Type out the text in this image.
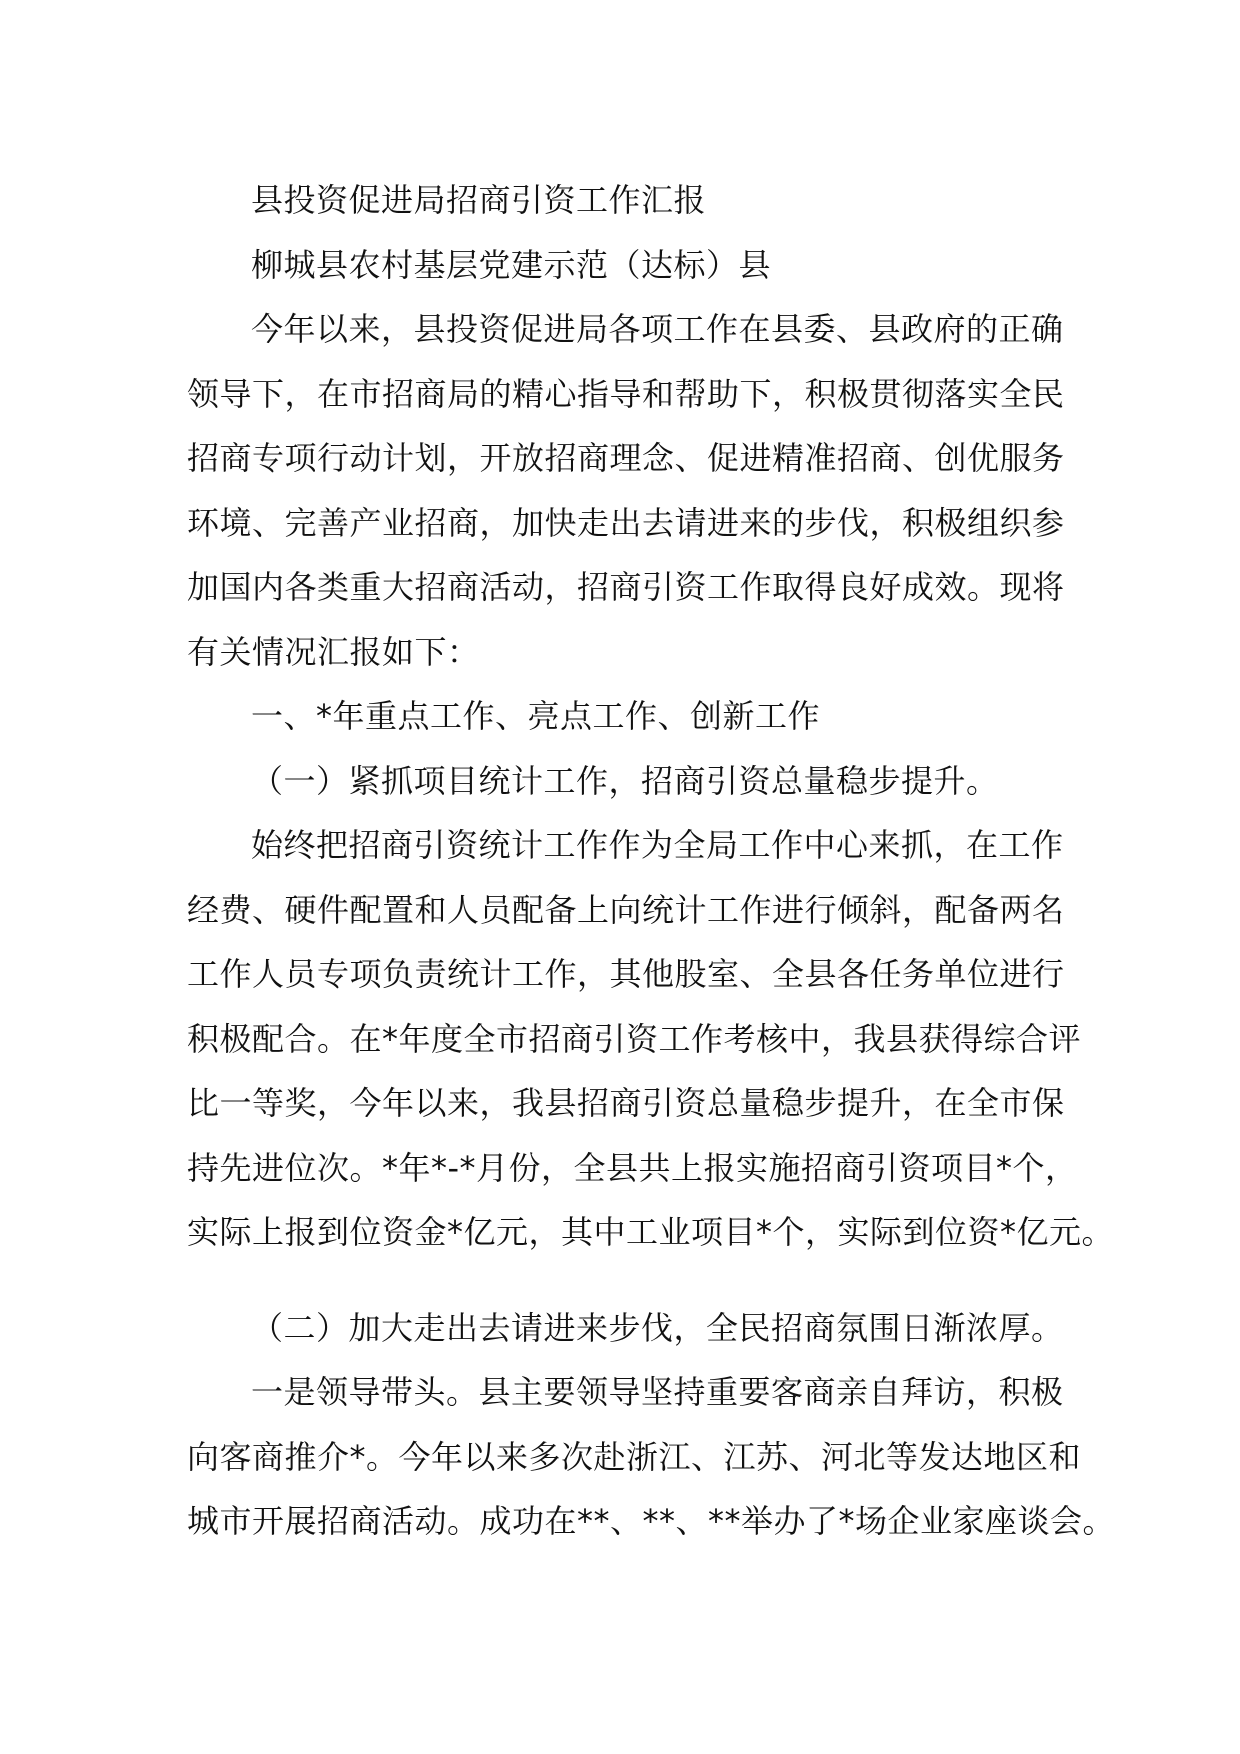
县投资促进局招商引资工作汇报
柳城县农村基层党建示范（达标）县
今年以来，县投资促进局各项工作在县委、县政府的正确
领导下，在市招商局的精心指导和帮助下，积极贯彻落实全民
招商专项行动计划，开放招商理念、促进精准招商、创优服务
环境、完善产业招商，加快走出去请进来的步伐，积极组织参
加国内各类重大招商活动，招商引资工作取得良好成效。现将
有关情况汇报如下：
一、*年重点工作、亮点工作、创新工作
（一）紧抓项目统计工作，招商引资总量稳步提升。
始终把招商引资统计工作作为全局工作中心来抓，在工作
经费、硬件配置和人员配备上向统计工作进行倾斜，配备两名
工作人员专项负责统计工作，其他股室、全县各任务单位进行
积极配合。在*年度全市招商引资工作考核中，我县获得综合评
比一等奖，今年以来，我县招商引资总量稳步提升，在全市保
持先进位次。*年*-*月份，全县共上报实施招商引资项目*个，
实际上报到位资金*亿元，其中工业项目*个，实际到位资*亿元。
（二）加大走出去请进来步伐，全民招商氛围日渐浓厚。
一是领导带头。县主要领导坚持重要客商亲自拜访，积极
向客商推介*。今年以来多次赴浙江、江苏、河北等发达地区和
城市开展招商活动。成功在**、**、**举办了*场企业家座谈会。
